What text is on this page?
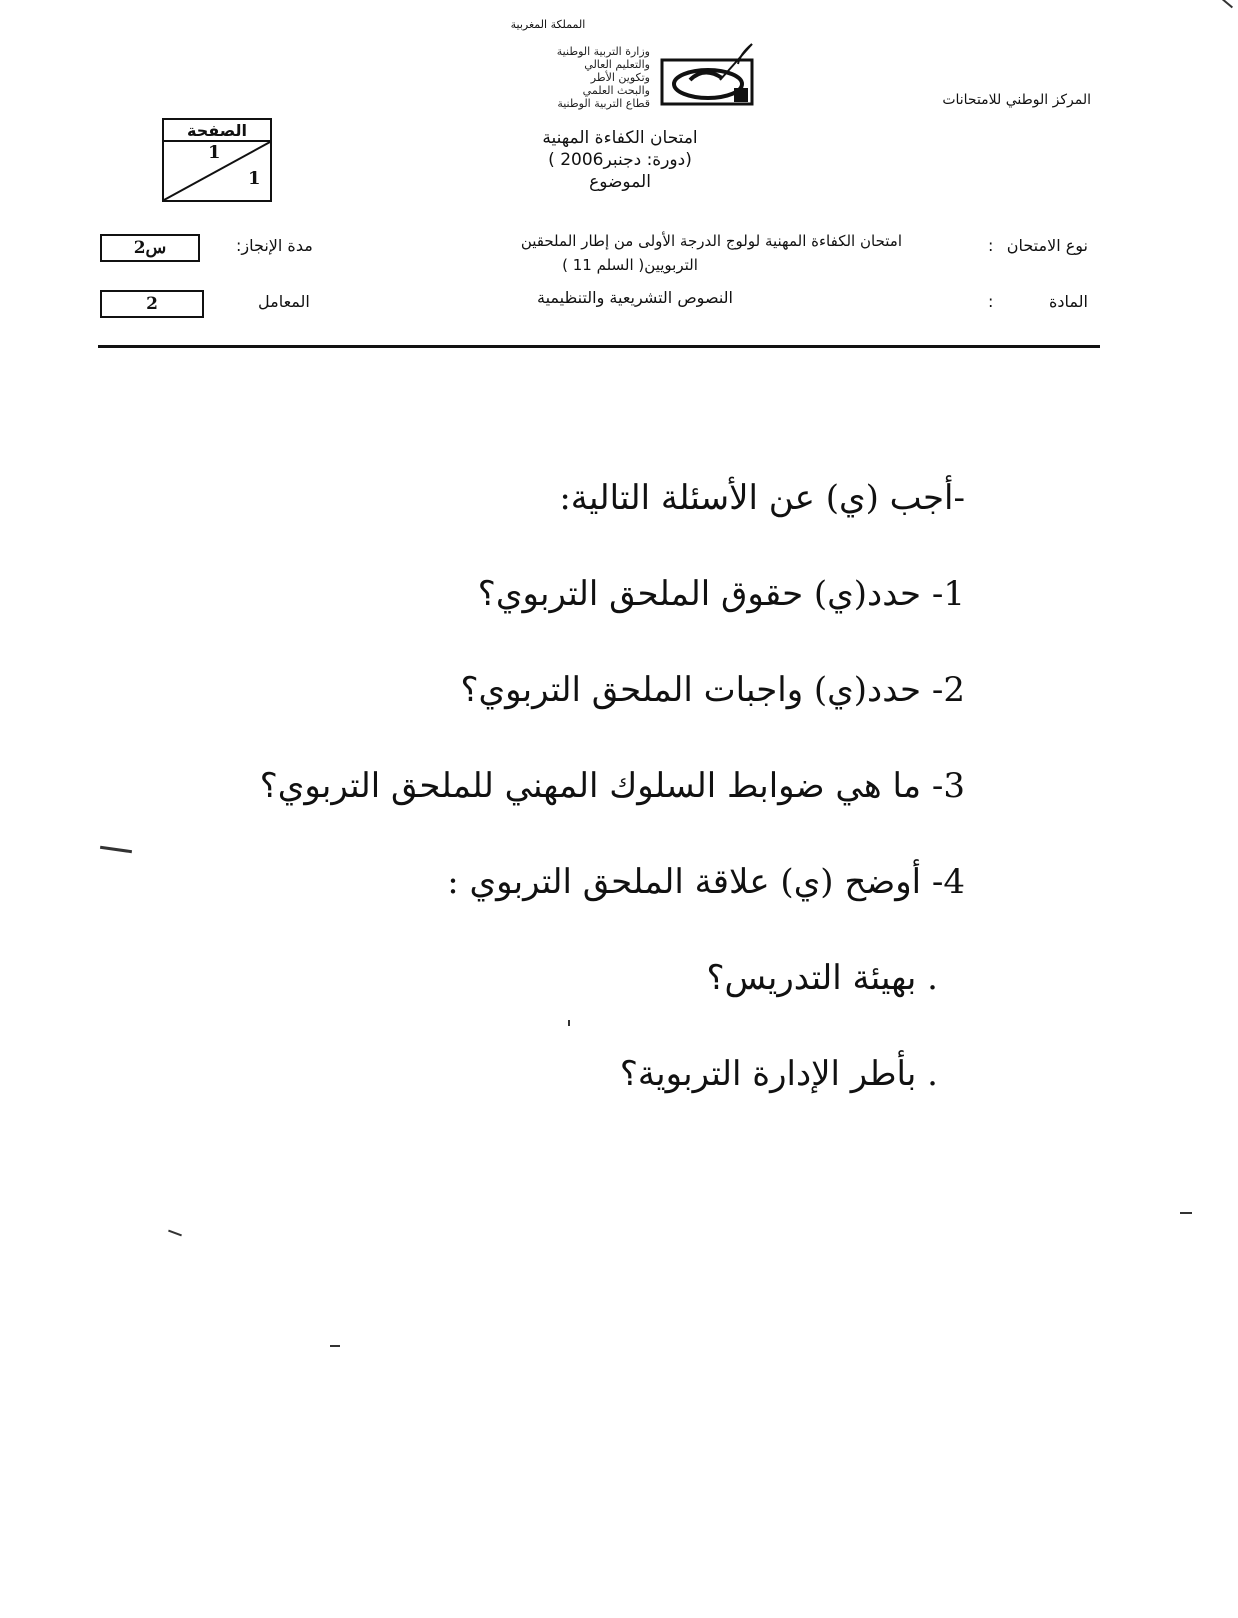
المملكة المغربية
وزارة التربية الوطنية
والتعليم العالي
وتكوين الأطر
والبحث العلمي
قطاع التربية الوطنية	المركز الوطني للامتحانات
الصفحة
1
1
امتحان الكفاءة المهنية
(دورة: دجنبر2006 )
الموضوع
نوع الامتحان
:
امتحان الكفاءة المهنية لولوج الدرجة الأولى من إطار الملحقين
التربويين( السلم 11 )
مدة الإنجاز:
2س
المادة
:
النصوص التشريعية والتنظيمية
المعامل
2
-أجب (ي) عن الأسئلة التالية:
1- حدد(ي) حقوق الملحق التربوي؟
2- حدد(ي) واجبات الملحق التربوي؟
3- ما هي ضوابط السلوك المهني للملحق التربوي؟
4- أوضح (ي) علاقة الملحق التربوي :
. بهيئة التدريس؟
. بأطر الإدارة التربوية؟
